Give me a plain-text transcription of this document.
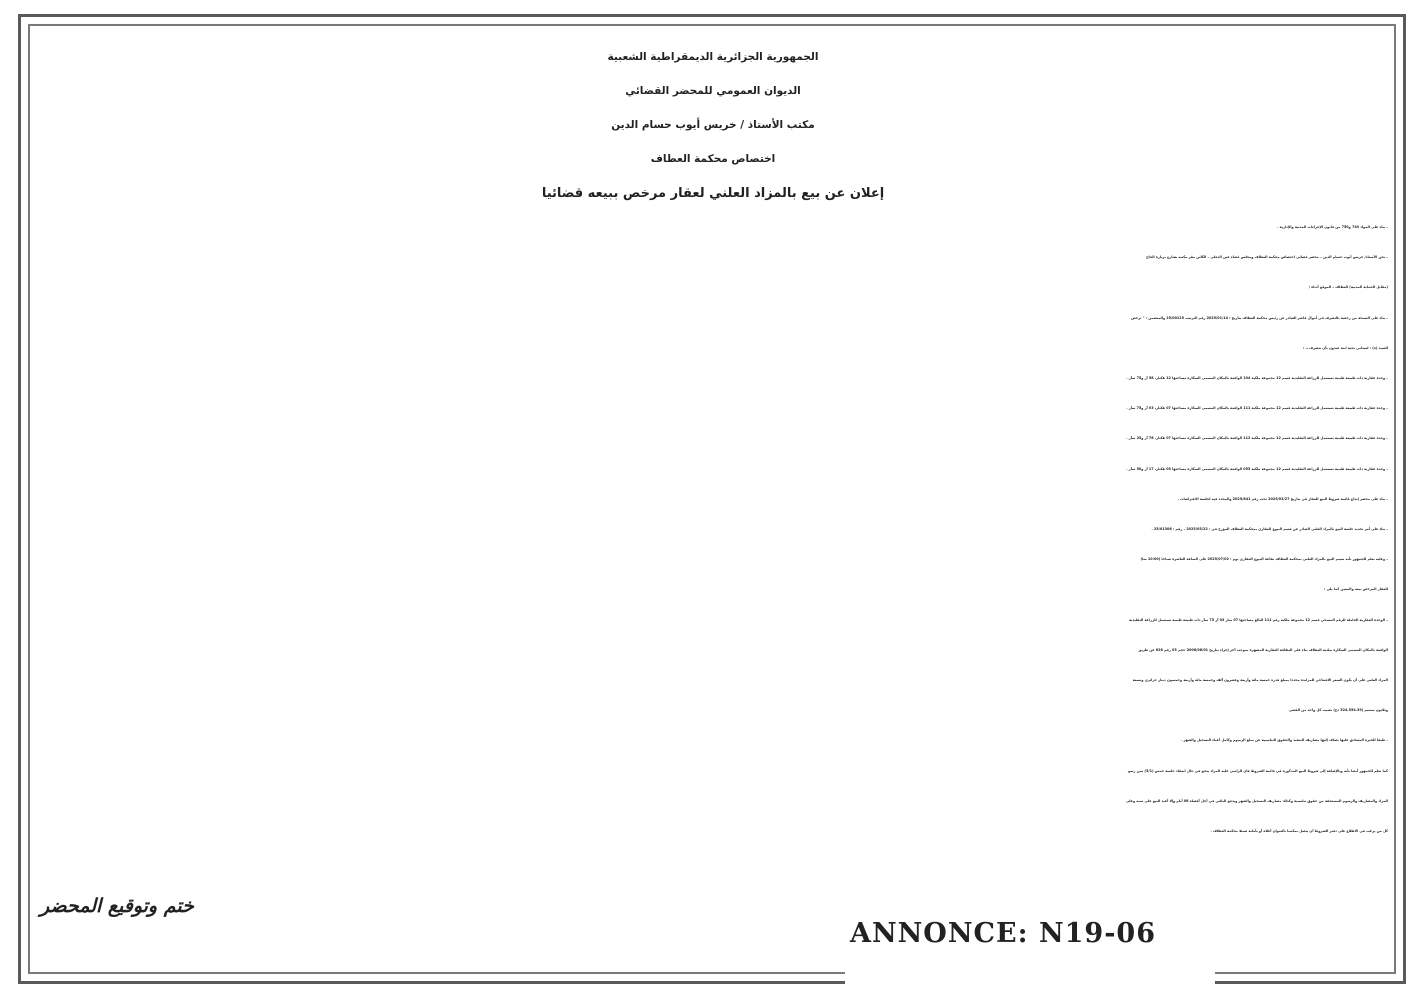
الجمهورية الجزائرية الديمقراطية الشعبية
الديوان العمومي للمحضر القضائي
مكتب الأستاذ / خريس أيوب حسام الدين
اختصاص محكمة العطاف
إعلان عن بيع بالمزاد العلني لعقار مرخص ببيعه قضائيا

– بناء على المواد 749 و750 من قانون الإجراءات المدنية والإدارية .

– نحن الأستاذ/ خريس أيوب حسام الدين – محضر قضائي اختصاص محكمة العطاف ومجلس قضاء عين الدفلى – الكائن مقر مكتبه بشارع بريارة الحاج

(مقابل الحماية المدنية) العطاف – الموقع أدناه /

– بناء على النسخة من رخصة بالتصرف في أموال قاصر الصادر عن رئيس محكمة العطاف بتاريخ : 2025/01/14 رقم الترتيب 25/00125 والمتضمن : " نرخص

للسيد (ة) : لعيداني نجية ابنة عبدون بأن تتصرف بـ :

– وحدة عقارية ذات طبيعة طينية تستعمل للزراعة التقليدية قسم 12 مجموعة ملكية 104 الواقعة بالمكان المسمى السكارة مساحتها 12 هكتار، 58 آر و75 سآر .

– وحدة عقارية ذات طبيعة طينية تستعمل للزراعة التقليدية قسم 12 مجموعة ملكية 111 الواقعة بالمكان المسمى السكارة مساحتها 07 هكتار، 03 آر و75 سآر .

– وحدة عقارية ذات طبيعة طينية تستعمل للزراعة التقليدية قسم 12 مجموعة ملكية 112 الواقعة بالمكان المسمى السكارة مساحتها 07 هكتار، 76 آر و25 سآر .

– وحدة عقارية ذات طبيعة طينية تستعمل للزراعة التقليدية قسم 12 مجموعة ملكية 055 الواقعة بالمكان المسمى السكارة مساحتها 03 هكتار، 17 آر و50 سآر .

– بناء على محضر إيداع قائمة شروط البيع للعقار في بتاريخ 2025/03/27 تحت رقم 2025/841 والمحدد فيه لجلسة الاعتراضات .

– بناء على أمر تحديد جلسة البيع بالمزاد العلني الصادر عن قسم البيوع العقاري بمحكمة العطاف المؤرخ في : 2025/05/22 – رقم : 25/01306 .

– وعليه نعلم للجمهور بأنه سيتم البيع بالمزاد العلني بمحكمة العطاف بقاعة البيوع العقاري يوم : 2025/07/02 على الساعة العاشرة صباحا (10:00 سا)

للعقار المرخص بيعه والمعين كما يلي :

– الوحدة العقارية الحاملة للرقم المسحي قسم 12 مجموعة ملكية رقم 111 البالغ مساحتها 07 متار 03 آر 75 سآر ذات طبيعة طينية تستعمل للزراعة التقليدية

الواقعة بالمكان المسمى السكارة ببلدية العطاف بناء على البطاقة العقارية المشهرة بموجب آخر إجراء بتاريخ 2006/08/01 حجم 03 رقم 628 عن طريق

المزاد العلني على أن يكون السعر الافتتاحي للمزايدة محددا بمبلغ قدره خمسة مائة وأربعة وعشرون ألف وخمسة مائة وأربعة وخمسون دينار جزائري وتسعة

وثلاثون سنتيم (524.554.39 دج) نصيب كل واحد من القصر.

– طبقا للخبرة المصادق عليها يضاف إليها مصاريف التنفيذ والحقوق التناسبية عن مبلغ الرسوم وكامل أعباء التسجيل والشهر .

كما نعلم للجمهور أيضا بأنه وبالإضافة إلى شروط البيع المذكورة في قائمة الشروط فان الراسي عليه المزاد يدفع في حال انعقاد جلسة خمس (5/1) ثمن رسو

المزاد والمصاريف والرسوم المستحقة من حقوق تناسبية وكذلك مصاريف التسجيل والشهر ويدفع الباقي في أجل أقصاه 08 أيام وإلا أعيد البيع على ثمنه وعلى

كل من يرغب في الاطلاع على دفتر الشروط أن يتصل بمكتبنا بالعنوان أعلاه أو بأمانة ضبط محكمة العطاف .

ختم وتوقيع المحضر
ANNONCE: N19-06
